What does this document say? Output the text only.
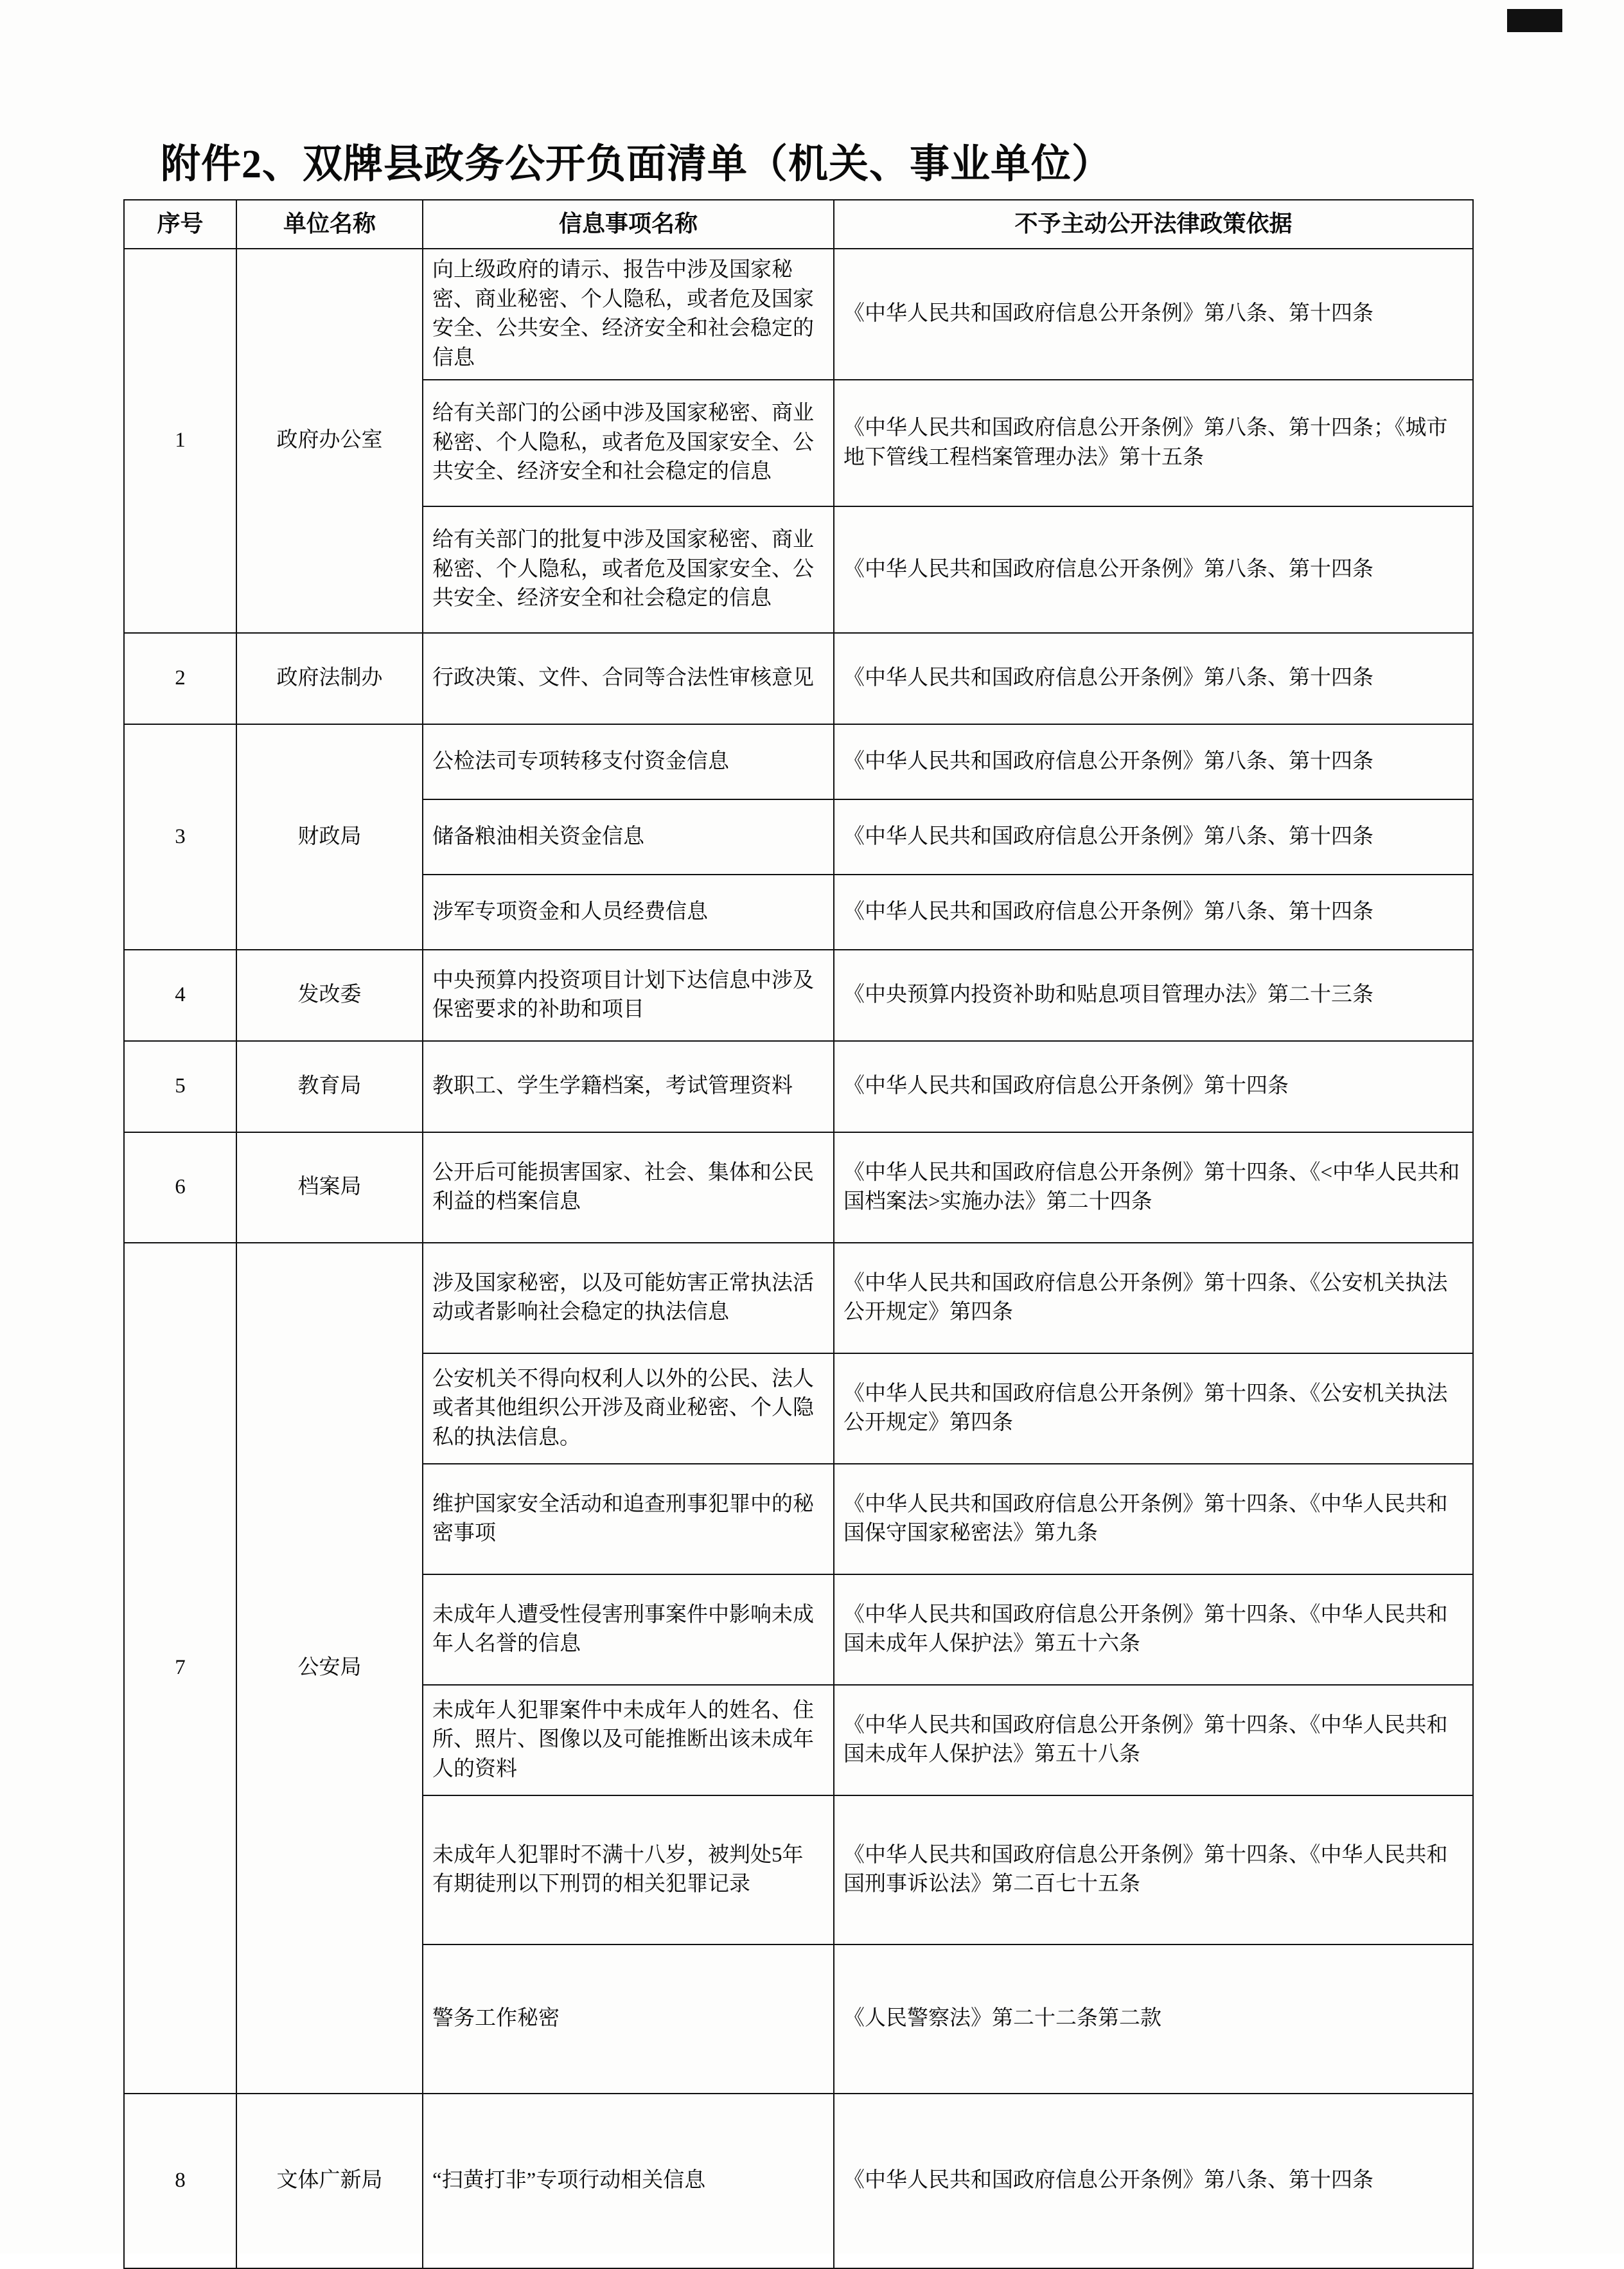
附件2、双牌县政务公开负面清单（机关、事业单位）
序号	单位名称	信息事项名称	不予主动公开法律政策依据
1	政府办公室	向上级政府的请示、报告中涉及国家秘密、商业秘密、个人隐私，或者危及国家安全、公共安全、经济安全和社会稳定的信息	《中华人民共和国政府信息公开条例》第八条、第十四条
		给有关部门的公函中涉及国家秘密、商业秘密、个人隐私，或者危及国家安全、公共安全、经济安全和社会稳定的信息	《中华人民共和国政府信息公开条例》第八条、第十四条；《城市地下管线工程档案管理办法》第十五条
		给有关部门的批复中涉及国家秘密、商业秘密、个人隐私，或者危及国家安全、公共安全、经济安全和社会稳定的信息	《中华人民共和国政府信息公开条例》第八条、第十四条
2	政府法制办	行政决策、文件、合同等合法性审核意见	《中华人民共和国政府信息公开条例》第八条、第十四条
3	财政局	公检法司专项转移支付资金信息	《中华人民共和国政府信息公开条例》第八条、第十四条
		储备粮油相关资金信息	《中华人民共和国政府信息公开条例》第八条、第十四条
		涉军专项资金和人员经费信息	《中华人民共和国政府信息公开条例》第八条、第十四条
4	发改委	中央预算内投资项目计划下达信息中涉及保密要求的补助和项目	《中央预算内投资补助和贴息项目管理办法》第二十三条
5	教育局	教职工、学生学籍档案，考试管理资料	《中华人民共和国政府信息公开条例》第十四条
6	档案局	公开后可能损害国家、社会、集体和公民利益的档案信息	《中华人民共和国政府信息公开条例》第十四条、《<中华人民共和国档案法>实施办法》第二十四条
7	公安局	涉及国家秘密，以及可能妨害正常执法活动或者影响社会稳定的执法信息	《中华人民共和国政府信息公开条例》第十四条、《公安机关执法公开规定》第四条
		公安机关不得向权利人以外的公民、法人或者其他组织公开涉及商业秘密、个人隐私的执法信息。	《中华人民共和国政府信息公开条例》第十四条、《公安机关执法公开规定》第四条
		维护国家安全活动和追查刑事犯罪中的秘密事项	《中华人民共和国政府信息公开条例》第十四条、《中华人民共和国保守国家秘密法》第九条
		未成年人遭受性侵害刑事案件中影响未成年人名誉的信息	《中华人民共和国政府信息公开条例》第十四条、《中华人民共和国未成年人保护法》第五十六条
		未成年人犯罪案件中未成年人的姓名、住所、照片、图像以及可能推断出该未成年人的资料	《中华人民共和国政府信息公开条例》第十四条、《中华人民共和国未成年人保护法》第五十八条
		未成年人犯罪时不满十八岁，被判处5年有期徒刑以下刑罚的相关犯罪记录	《中华人民共和国政府信息公开条例》第十四条、《中华人民共和国刑事诉讼法》第二百七十五条
		警务工作秘密	《人民警察法》第二十二条第二款
8	文体广新局	“扫黄打非”专项行动相关信息	《中华人民共和国政府信息公开条例》第八条、第十四条
